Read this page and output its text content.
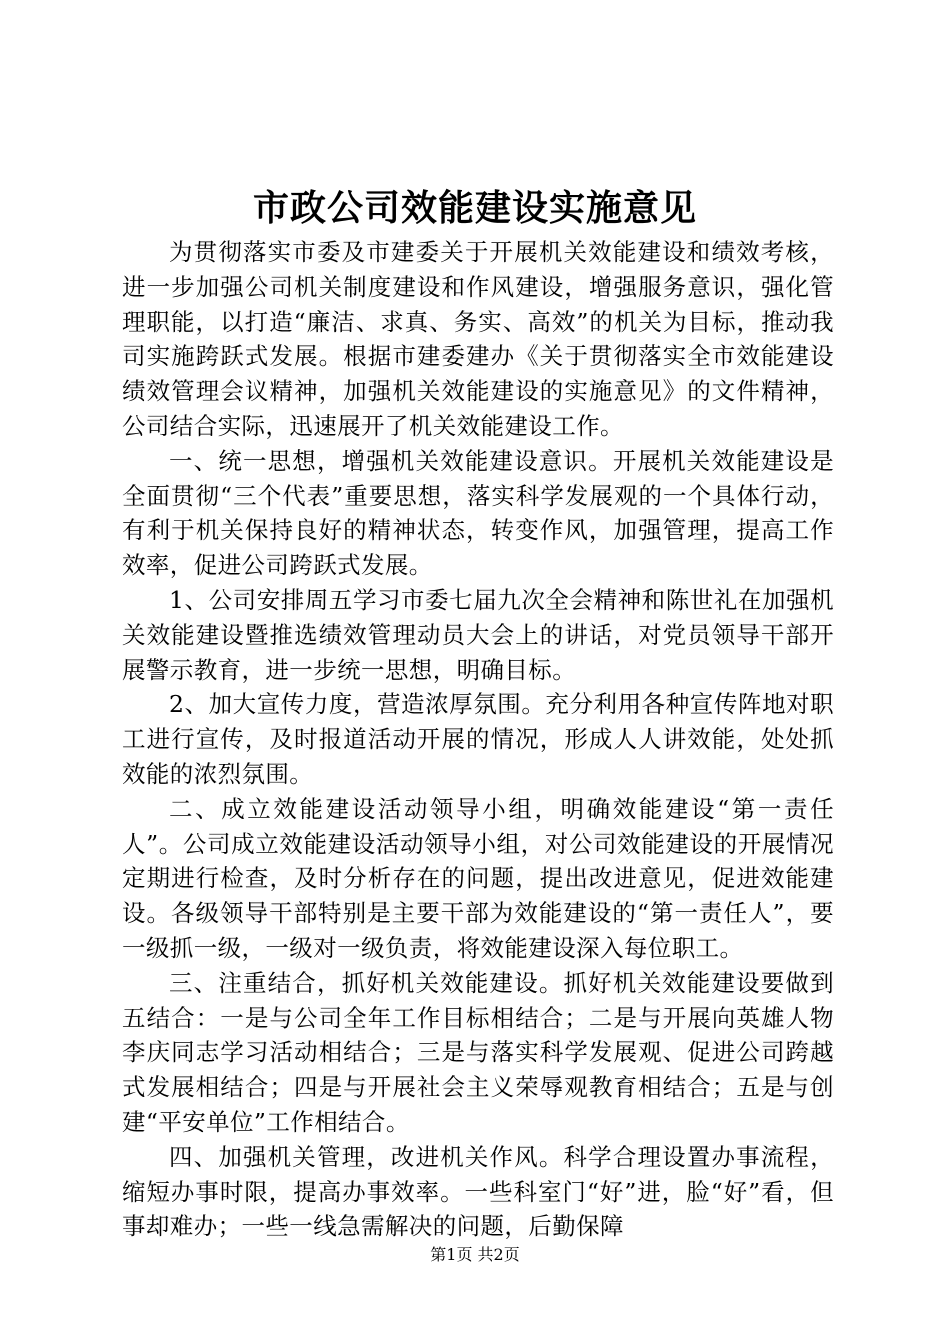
市政公司效能建设实施意见

为贯彻落实市委及市建委关于开展机关效能建设和绩效考核，进一步加强公司机关制度建设和作风建设，增强服务意识，强化管理职能，以打造“廉洁、求真、务实、高效”的机关为目标，推动我司实施跨跃式发展。根据市建委建办《关于贯彻落实全市效能建设绩效管理会议精神，加强机关效能建设的实施意见》的文件精神，公司结合实际，迅速展开了机关效能建设工作。

一、统一思想，增强机关效能建设意识。开展机关效能建设是全面贯彻“三个代表”重要思想，落实科学发展观的一个具体行动，有利于机关保持良好的精神状态，转变作风，加强管理，提高工作效率，促进公司跨跃式发展。

1、公司安排周五学习市委七届九次全会精神和陈世礼在加强机关效能建设暨推选绩效管理动员大会上的讲话，对党员领导干部开展警示教育，进一步统一思想，明确目标。

2、加大宣传力度，营造浓厚氛围。充分利用各种宣传阵地对职工进行宣传，及时报道活动开展的情况，形成人人讲效能，处处抓效能的浓烈氛围。

二、成立效能建设活动领导小组，明确效能建设“第一责任人”。公司成立效能建设活动领导小组，对公司效能建设的开展情况定期进行检查，及时分析存在的问题，提出改进意见，促进效能建设。各级领导干部特别是主要干部为效能建设的“第一责任人”，要一级抓一级，一级对一级负责，将效能建设深入每位职工。

三、注重结合，抓好机关效能建设。抓好机关效能建设要做到五结合：一是与公司全年工作目标相结合；二是与开展向英雄人物李庆同志学习活动相结合；三是与落实科学发展观、促进公司跨越式发展相结合；四是与开展社会主义荣辱观教育相结合；五是与创建“平安单位”工作相结合。

四、加强机关管理，改进机关作风。科学合理设置办事流程，缩短办事时限，提高办事效率。一些科室门“好”进，脸“好”看，但事却难办；一些一线急需解决的问题，后勤保障

第1页 共2页
